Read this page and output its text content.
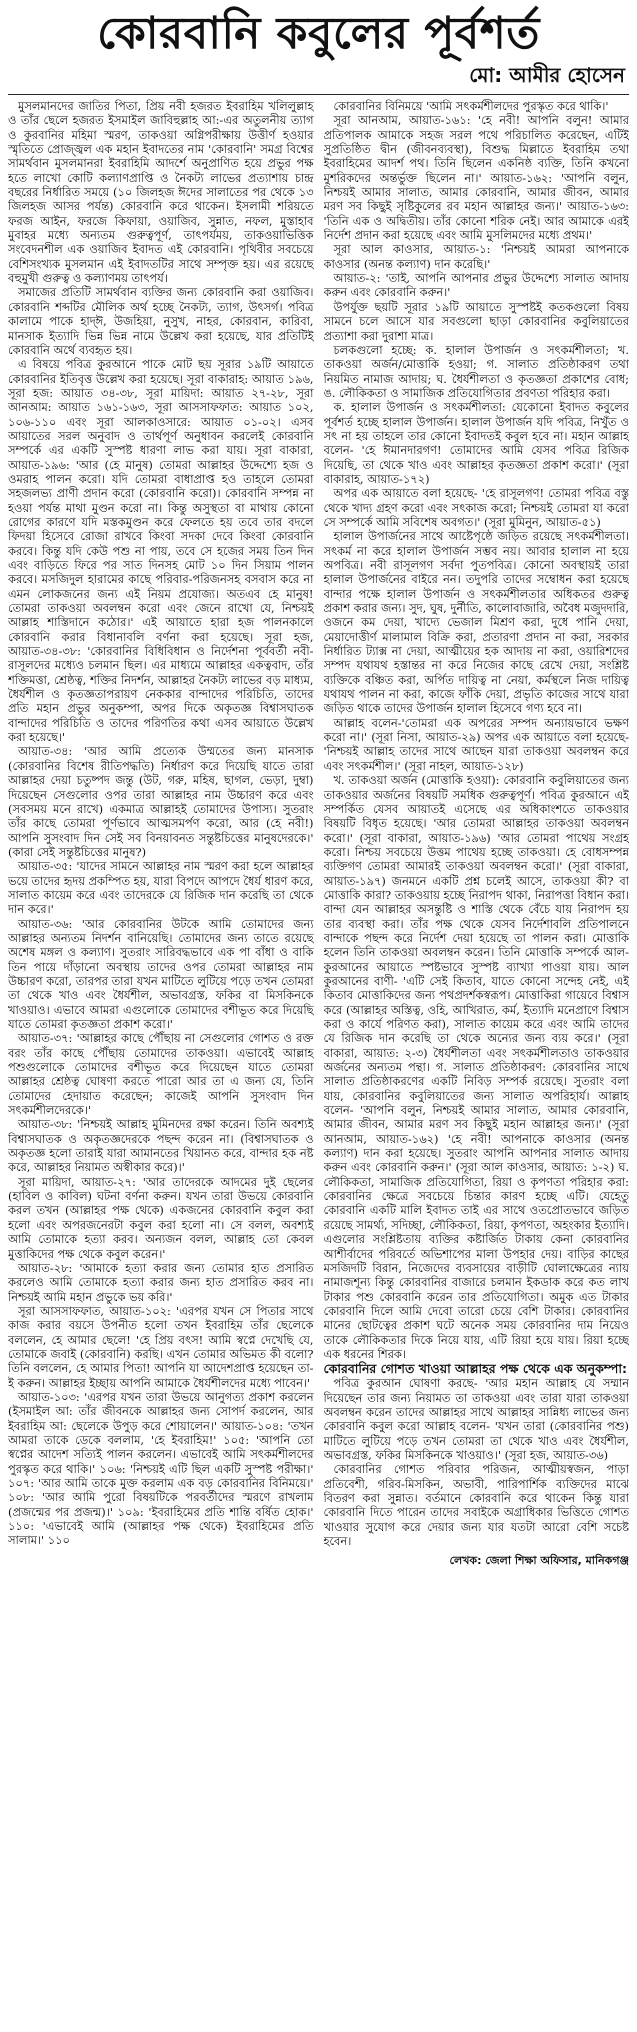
কোরবানি কবুলের পূর্বশর্ত
মো: আমীর হোসেন

মুসলমানদের জাতির পিতা, প্রিয় নবী হজরত ইবরাহিম খলিলুল্লাহ ও তাঁর ছেলে হজরত ইসমাইল জাবিহুল্লাহ আ:-এর অতুলনীয় ত্যাগ ও কুরবানির মহিমা স্মরণ, তাকওয়া অগ্নিপরীক্ষায় উত্তীর্ণ হওয়ার স্মৃতিতে প্রোজ্জ্বল এক মহান ইবাদতের নাম 'কোরবানি' সমগ্র বিশ্বের সামর্থবান মুসলমানরা ইবরাহিমি আদর্শে অনুপ্রাণিত হয়ে প্রভুর পক্ষ হতে লাখো কোটি কল্যাণপ্রাপ্তি ও নৈকট্য লাভের প্রত্যাশায় চান্দ্র বছরের নির্ধারিত সময়ে (১০ জিলহজ ঈদের সালাতের পর থেকে ১৩ জিলহজ আসর পর্যন্ত) কোরবানি করে থাকেন। ইসলামী শরিয়তে ফরজ আইন, ফরজে কিফায়া, ওয়াজিব, সুন্নাত, নফল, মুস্তাহাব মুবাহর মধ্যে অন্যতম গুরুত্বপূর্ণ, তাৎপর্যময়, তাকওয়াভিত্তিক সংবেদনশীল এক ওয়াজিব ইবাদত এই কোরবানি। পৃথিবীর সবচেয়ে বেশিসংখ্যক মুসলমান এই ইবাদতটির সাথে সম্পৃক্ত হয়। এর রয়েছে বহুমুখী গুরুত্ব ও কল্যাণময় তাৎপর্য।

সমাজের প্রতিটি সামর্থবান ব্যক্তির জন্য কোরবানি করা ওয়াজিব। কোরবানি শব্দটির মৌলিক অর্থ হচ্ছে নৈকট্য, ত্যাগ, উৎসর্গ। পবিত্র কালামে পাকে হাদ্ঈ, উজহিয়া, নুসুখ, নাহর, কোরবান, কারিবা, মানসাক ইত্যাদি ভিন্ন ভিন্ন নামে উল্লেখ করা হয়েছে, যার প্রতিটিই কোরবানি অর্থে ব্যবহৃত হয়।

এ বিষয়ে পবিত্র কুরআনে পাকে মোট ছয় সূরার ১৯টি আয়াতে কোরবানির ইতিবৃত্ত উল্লেখ করা হয়েছে। সূরা বাকারাহ: আয়াত ১৯৬, সূরা হজ: আয়াত ৩৪-৩৮, সূরা মায়িদা: আয়াত ২৭-২৮, সূরা আনআম: আয়াত ১৬১-১৬৩, সূরা আসসাফফাত: আয়াত ১০২, ১০৬-১১০ এবং সূরা আলকাওসারে: আয়াত ০১-০২। এসব আয়াতের সরল অনুবাদ ও তার্থপূর্ণ অনুধাবন করলেই কোরবানি সম্পর্কে এর একটি সুস্পষ্ট ধারণা লাভ করা যায়। সূরা বাকারা, আয়াত-১৯৬: 'আর (হে মানুষ) তোমরা আল্লাহর উদ্দেশ্যে হজ ও ওমরাহ পালন করো। যদি তোমরা বাধাপ্রাপ্ত হও তাহলে তোমরা সহজলভ্য প্রাণী প্রদান করো (কোরবানি করো)। কোরবানি সম্পন্ন না হওয়া পর্যন্ত মাথা মুণ্ডন করো না। কিন্তু অসুস্থতা বা মাথায় কোনো রোগের কারণে যদি মস্তকমুণ্ডন করে ফেলতে হয় তবে তার বদলে ফিদয়া হিসেবে রোজা রাখবে কিংবা সদকা দেবে কিংবা কোরবানি করবে। কিন্তু যদি কেউ পশু না পায়, তবে সে হজের সময় তিন দিন এবং বাড়িতে ফিরে পর সাত দিনসহ মোট ১০ দিন সিয়াম পালন করবে। মসজিদুল হারামের কাছে পরিবার-পরিজনসহ বসবাস করে না এমন লোকজনের জন্য এই নিয়ম প্রযোজ্য। অতএব হে মানুষ! তোমরা তাকওয়া অবলম্বন করো এবং জেনে রাখো যে, নিশ্চয়ই আল্লাহ শাস্তিদানে কঠোর।' এই আয়াতে হারা হজ পালনকালে কোরবানি করার বিধানাবলি বর্ণনা করা হয়েছে। সূরা হজ, আয়াত-৩৪-৩৮: 'কোরবানির বিধিবিধান ও নির্দেশনা পূর্ববর্তী নবী-রাসূলদের মধ্যেও চলমান ছিল। এর মাধ্যমে আল্লাহর একত্ববাদ, তাঁর শক্তিমত্তা, শ্রেষ্ঠত্ব, শক্তির নিদর্শন, আল্লাহর নৈকট্য লাভের বড় মাধ্যম, ধৈর্যশীল ও কৃতজ্ঞতাপরায়ণ নেককার বান্দাদের পরিচিতি, তাদের প্রতি মহান প্রভুর অনুকম্পা, অপর দিকে অকৃতজ্ঞ বিশ্বাসঘাতক বান্দাদের পরিচিতি ও তাদের পরিণতির কথা এসব আয়াতে উল্লেখ করা হয়েছে।'

আয়াত-৩৪: 'আর আমি প্রত্যেক উম্মতের জন্য মানসাক (কোরবানির বিশেষ রীতিপদ্ধতি) নির্ধারণ করে দিয়েছি যাতে তারা আল্লাহর দেয়া চতুষ্পদ জন্তু (উট, গরু, মহিষ, ছাগল, ভেড়া, দুম্বা) দিয়েছেন সেগুলোর ওপর তারা আল্লাহর নাম উচ্চারণ করে এবং (সবসময় মনে রাখে) একমাত্র আল্লাহই তোমাদের উপাস্য। সুতরাং তাঁর কাছে তোমরা পূর্ণভাবে আত্মসমর্পণ করো, আর (হে নবী!) আপনি সুসংবাদ দিন সেই সব বিনয়াবনত সন্তুষ্টচিত্তের মানুষদেরকে।' (কারা সেই সন্তুষ্টচিত্তের মানুষ?)

আয়াত-৩৫: 'যাদের সামনে আল্লাহর নাম স্মরণ করা হলে আল্লাহর ভয়ে তাদের হৃদয় প্রকম্পিত হয়, যারা বিপদে আপদে ধৈর্য ধারণ করে, সালাত কায়েম করে এবং তাদেরকে যে রিজিক দান করেছি তা থেকে দান করে।'

আয়াত-৩৬: 'আর কোরবানির উটকে আমি তোমাদের জন্য আল্লাহর অন্যতম নিদর্শন বানিয়েছি। তোমাদের জন্য তাতে রয়েছে অশেষ মঙ্গল ও কল্যাণ। সুতরাং সারিবদ্ধভাবে এক পা বাঁধা ও বাকি তিন পায়ে দাঁড়ানো অবস্থায় তাদের ওপর তোমরা আল্লাহর নাম উচ্চারণ করো, তারপর তারা যখন মাটিতে লুটিয়ে পড়ে তখন তোমরা তা থেকে খাও এবং ধৈর্যশীল, অভাবগ্রস্ত, ফকির বা মিসকিনকে খাওয়াও। এভাবে আমরা এগুলোকে তোমাদের বশীভূত করে দিয়েছি যাতে তোমরা কৃতজ্ঞতা প্রকাশ করো।'

আয়াত-৩৭: 'আল্লাহর কাছে পৌঁছায় না সেগুলোর গোশত ও রক্ত বরং তাঁর কাছে পৌঁছায় তোমাদের তাকওয়া। এভাবেই আল্লাহ পশুগুলোকে তোমাদের বশীভূত করে দিয়েছেন যাতে তোমরা আল্লাহর শ্রেষ্ঠত্ব ঘোষণা করতে পারো আর তা এ জন্য যে, তিনি তোমাদের হেদায়াত করেছেন; কাজেই আপনি সুসংবাদ দিন সৎকর্মশীলদেরকে।'

আয়াত-৩৮: 'নিশ্চয়ই আল্লাহ মুমিনদের রক্ষা করেন। তিনি অবশ্যই বিশ্বাসঘাতক ও অকৃতজ্ঞদেরকে পছন্দ করেন না। (বিশ্বাসঘাতক ও অকৃতজ্ঞ হলো তারাই যারা আমানতের খিয়ানত করে, বান্দার হক নষ্ট করে, আল্লাহর নিয়ামত অস্বীকার করে)।'

সূরা মায়িদা, আয়াত-২৭: 'আর তাদেরকে আদমের দুই ছেলের (হাবিল ও কাবিল) ঘটনা বর্ণনা করুন। যখন তারা উভয়ে কোরবানি করল তখন (আল্লাহর পক্ষ থেকে) একজনের কোরবানি কবুল করা হলো এবং অপরজনেরটা কবুল করা হলো না। সে বলল, অবশ্যই আমি তোমাকে হত্যা করব। অন্যজন বলল, আল্লাহ তো কেবল মুত্তাকিদের পক্ষ থেকে কবুল করেন।'

আয়াত-২৮: 'আমাকে হত্যা করার জন্য তোমার হাত প্রসারিত করলেও আমি তোমাকে হত্যা করার জন্য হাত প্রসারিত করব না। নিশ্চয়ই আমি মহান প্রভুকে ভয় করি।'

সূরা আসসাফফাত, আয়াত-১০২: 'এরপর যখন সে পিতার সাথে কাজ করার বয়সে উপনীত হলো তখন ইবরাহিম তাঁর ছেলেকে বললেন, হে আমার ছেলে! 'হে প্রিয় বৎস! আমি স্বপ্নে দেখেছি যে, তোমাকে জবাই (কোরবানি) করছি। এখন তোমার অভিমত কী বলো? তিনি বললেন, হে আমার পিতা! আপনি যা আদেশপ্রাপ্ত হয়েছেন তা-ই করুন। আল্লাহর ইচ্ছায় আপনি আমাকে ধৈর্যশীলদের মধ্যে পাবেন।'

আয়াত-১০৩: 'এরপর যখন তারা উভয়ে আনুগত্য প্রকাশ করলেন (ইসমাইল আ: তাঁর জীবনকে আল্লাহর জন্য সোপর্দ করলেন, আর ইবরাহিম আ: ছেলেকে উপুড় করে শোয়ালেন।' আয়াত-১০৪: 'তখন আমরা তাকে ডেকে বললাম, 'হে ইবরাহিম!' ১০৫: 'আপনি তো স্বপ্নের আদেশ সত্যিই পালন করলেন। এভাবেই আমি সৎকর্মশীলদের পুরস্কৃত করে থাকি।' ১০৬: 'নিশ্চয়ই এটি ছিল একটি সুস্পষ্ট পরীক্ষা।' ১০৭: 'আর আমি তাকে মুক্ত করলাম এক বড় কোরবানির বিনিময়ে।' ১০৮: 'আর আমি পুরো বিষয়টিকে পরবর্তীদের স্মরণে রাখলাম (প্রজন্মের পর প্রজন্ম)।' ১০৯: 'ইবরাহিমের প্রতি শান্তি বর্ষিত হোক।' ১১০: 'এভাবেই আমি (আল্লাহর পক্ষ থেকে) ইবরাহিমের প্রতি সালাম।' ১১০

কোরবানির বিনিময়ে 'আমি সৎকর্মশীলদের পুরস্কৃত করে থাকি।'

সূরা আনআম, আয়াত-১৬১: 'হে নবী! আপনি বলুন! আমার প্রতিপালক আমাকে সহজ সরল পথে পরিচালিত করেছেন, এটিই সুপ্রতিষ্ঠিত দ্বীন (জীবনব্যবস্থা), বিশুদ্ধ মিল্লাতে ইবরাহিম তথা ইবরাহিমের আদর্শ পথ। তিনি ছিলেন একনিষ্ঠ ব্যক্তি, তিনি কখনো মুশরিকদের অন্তর্ভুক্ত ছিলেন না।' আয়াত-১৬২: 'আপনি বলুন, নিশ্চয়ই আমার সালাত, আমার কোরবানি, আমার জীবন, আমার মরণ সব কিছুই সৃষ্টিকুলের রব মহান আল্লাহর জন্য।' আয়াত-১৬৩: 'তিনি এক ও অদ্বিতীয়। তাঁর কোনো শরিক নেই। আর আমাকে এরই নির্দেশ প্রদান করা হয়েছে এবং আমি মুসলিমদের মধ্যে প্রথম।'

সূরা আল কাওসার, আয়াত-১: 'নিশ্চয়ই আমরা আপনাকে কাওসার (অনন্ত কল্যাণ) দান করেছি।'

আয়াত-২: 'তাই, আপনি আপনার প্রভুর উদ্দেশ্যে সালাত আদায় করুন এবং কোরবানি করুন।'

উপর্যুক্ত ছয়টি সূরার ১৯টি আয়াতে সুস্পষ্টই কতকগুলো বিষয় সামনে চলে আসে যার সবগুলো ছাড়া কোরবানির কবুলিয়াতের প্রত্যাশা করা দুরাশা মাত্র।

চলকগুলো হচ্ছে: ক. হালাল উপার্জন ও সৎকর্মশীলতা; খ. তাকওয়া অর্জন/মোত্তাকি হওয়া; গ. সালাত প্রতিষ্ঠাকরণ তথা নিয়মিত নামাজ আদায়; ঘ. ধৈর্যশীলতা ও কৃতজ্ঞতা প্রকাশের বোধ; ঙ. লৌকিকতা ও সামাজিক প্রতিযোগিতার প্রবণতা পরিহার করা।

ক. হালাল উপার্জন ও সৎকর্মশীলতা: যেকোনো ইবাদত কবুলের পূর্বশর্ত হচ্ছে হালাল উপার্জন। হালাল উপার্জন যদি পবিত্র, নিখুঁত ও সৎ না হয় তাহলে তার কোনো ইবাদতই কবুল হবে না। মহান আল্লাহ বলেন- 'হে ঈমানদারগণ! তোমাদের আমি যেসব পবিত্র রিজিক দিয়েছি, তা থেকে খাও এবং আল্লাহর কৃতজ্ঞতা প্রকাশ করো।' (সূরা বাকারাহ, আয়াত-১৭২)

অপর এক আয়াতে বলা হয়েছে- 'হে রাসূলগণ! তোমরা পবিত্র বস্তু থেকে খাদ্য গ্রহণ করো এবং সৎকাজ করো; নিশ্চয়ই তোমরা যা করো সে সম্পর্কে আমি সবিশেষ অবগত।' (সূরা মুমিনুন, আয়াত-৫১)

হালাল উপার্জনের সাথে আষ্টেপৃষ্ঠে জড়িত রয়েছে সৎকর্মশীলতা। সৎকর্ম না করে হালাল উপার্জন সম্ভব নয়। আবার হালাল না হয়ে অপবিত্র। নবী রাসূলগণ সর্বদা পুতপবিত্র। কোনো অবস্থায়ই তারা হালাল উপার্জনের বাইরে নন। তদুপরি তাদের সম্বোধন করা হয়েছে বান্দার পক্ষে হালাল উপার্জন ও সৎকর্মশীলতার অধিকতর গুরুত্ব প্রকাশ করার জন্য। সুদ, ঘুষ, দুর্নীতি, কালোবাজারি, অবৈধ মজুদদারি, ওজনে কম দেয়া, খাদ্যে ভেজাল মিশ্রণ করা, দুধে পানি দেয়া, মেয়াদোত্তীর্ণ মালামাল বিক্রি করা, প্রতারণা প্রদান না করা, সরকার নির্ধারিত ট্যাক্স না দেয়া, আত্মীয়ের হক আদায় না করা, ওয়ারিশদের সম্পদ যথাযথ হস্তান্তর না করে নিজের কাছে রেখে দেয়া, সংশ্লিষ্ট ব্যক্তিকে বঞ্চিত করা, অর্পিত দায়িত্ব না নেয়া, কর্মস্থলে নিজ দায়িত্ব যথাযথ পালন না করা, কাজে ফাঁকি দেয়া, প্রভৃতি কাজের সাথে যারা জড়িত থাকে তাদের উপার্জন হালাল হিসেবে গণ্য হবে না।

আল্লাহ বলেন-'তোমরা এক অপরের সম্পদ অন্যায়ভাবে ভক্ষণ করো না।' (সূরা নিসা, আয়াত-২৯) অপর এক আয়াতে বলা হয়েছে-'নিশ্চয়ই আল্লাহ তাদের সাথে আছেন যারা তাকওয়া অবলম্বন করে এবং সৎকর্মশীল।' (সূরা নাহল, আয়াত-১২৮)

খ. তাকওয়া অর্জন (মোত্তাকি হওয়া): কোরবানি কবুলিয়াতের জন্য তাকওয়ার অর্জনের বিষয়টি সমধিক গুরুত্বপূর্ণ। পবিত্র কুরআনে এই সম্পর্কিত যেসব আয়াতই এসেছে এর অধিকাংশতে তাকওয়ার বিষয়টি বিধৃত হয়েছে। 'আর তোমরা আল্লাহর তাকওয়া অবলম্বন করো।' (সূরা বাকারা, আয়াত-১৯৬) 'আর তোমরা পাথেয় সংগ্রহ করো। নিশ্চয় সবচেয়ে উত্তম পাথেয় হচ্ছে তাকওয়া। হে বোধসম্পন্ন ব্যক্তিগণ তোমরা আমারই তাকওয়া অবলম্বন করো।' (সূরা বাকারা, আয়াত-১৯৭) জনমনে একটি প্রশ্ন চলেই আসে, তাকওয়া কী? বা মোত্তাকি কারা? তাকওয়ায় হচ্ছে নিরাপদ থাকা, নিরাপত্তা বিধান করা। বান্দা যেন আল্লাহর অসন্তুষ্টি ও শাস্তি থেকে বেঁচে যায় নিরাপদ হয় তার ব্যবস্থা করা। তাঁর পক্ষ থেকে যেসব নির্দেশাবলি প্রতিপালনে বান্দাকে পছন্দ করে নির্দেশ দেয়া হয়েছে তা পালন করা। মোত্তাকি হলেন তিনি তাকওয়া অবলম্বন করেন। তিনি মোত্তাকি সম্পর্কে আল-কুরআনের আয়াতে স্পষ্টভাবে সুস্পষ্ট ব্যাখ্যা পাওয়া যায়। আল কুরআনের বাণী- 'এটি সেই কিতাব, যাতে কোনো সন্দেহ নেই, এই কিতাব মোত্তাকিদের জন্য পথপ্রদর্শকস্বরূপ। মোত্তাকিরা গায়েবে বিশ্বাস করে (আল্লাহর অস্তিত্ব, ওহি, আখিরাত, কর্ম, ইত্যাদি মনেপ্রাণে বিশ্বাস করা ও কার্যে পরিণত করা), সালাত কায়েম করে এবং আমি তাদের যে রিজিক দান করেছি তা থেকে অন্যের জন্য ব্যয় করে।' (সূরা বাকারা, আয়াত: ২-৩) ধৈর্যশীলতা এবং সৎকর্মশীলতাও তাকওয়ার অর্জনের অন্যতম পন্থা। গ. সালাত প্রতিষ্ঠাকরণ: কোরবানির সাথে সালাত প্রতিষ্ঠাকরণের একটি নিবিড় সম্পর্ক রয়েছে। সুতরাং বলা যায়, কোরবানির কবুলিয়াতের জন্য সালাত অপরিহার্য। আল্লাহ বলেন- 'আপনি বলুন, নিশ্চয়ই আমার সালাত, আমার কোরবানি, আমার জীবন, আমার মরণ সব কিছুই মহান আল্লাহর জন্য।' (সূরা আনআম, আয়াত-১৬২) 'হে নবী! আপনাকে কাওসার (অনন্ত কল্যাণ) দান করা হয়েছে। সুতরাং আপনি আপনার সালাত আদায় করুন এবং কোরবানি করুন।' (সূরা আল কাওসার, আয়াত: ১-২) ঘ. লৌকিকতা, সামাজিক প্রতিযোগিতা, রিয়া ও কৃপণতা পরিহার করা: কোরবানির ক্ষেত্রে সবচেয়ে চিন্তার কারণ হচ্ছে এটি। যেহেতু কোরবানি একটি মালি ইবাদত তাই এর সাথে ওতপ্রোতভাবে জড়িত রয়েছে সামর্থ্য, সদিচ্ছা, লৌকিকতা, রিয়া, কৃপণতা, অহংকার ইত্যাদি। এগুলোর সংশ্লিষ্টতায় ব্যক্তির কষ্টার্জিত টাকায় কেনা কোরবানির আশীর্বাদের পরিবর্তে অভিশাপের মালা উপহার দেয়। বাড়ির কাছের মসজিদটি বিরান, নিজেদের ব্যবসায়ের বাড়ীটি ঘোলাক্ষেত্রের ন্যায় নামাজশূন্য কিন্তু কোরবানির বাজারে চলমান ইকডাক করে কত লাখ টাকার পশু কোরবানি করেন তার প্রতিযোগিতা। অমুক এত টাকার কোরবানি দিলে আমি দেবো তারো চেয়ে বেশি টাকার। কোরবানির মানের ছোটত্বের প্রকাশ ঘটে অনেক সময় কোরবানির দাম নিয়েও তাকে লৌকিকতার দিকে নিয়ে যায়, এটি রিয়া হয়ে যায়। রিয়া হচ্ছে এক ধরনের শিরক।

কোরবানির গোশত খাওয়া আল্লাহর পক্ষ থেকে এক অনুকম্পা:

পবিত্র কুরআন ঘোষণা করছে- 'আর মহান আল্লাহ যে সম্মান দিয়েছেন তার জন্য নিয়ামত তা তাকওয়া এবং তারা যারা তাকওয়া অবলম্বন করেন তাদের আল্লাহর সাথে আল্লাহর সান্নিধ্য লাভের জন্য কোরবানি কবুল করো আল্লাহ বলেন- 'যখন তারা (কোরবানির পশু) মাটিতে লুটিয়ে পড়ে তখন তোমরা তা থেকে খাও এবং ধৈর্যশীল, অভাবগ্রস্ত, ফকির মিসকিনকে খাওয়াও।' (সূরা হজ, আয়াত-৩৬)

কোরবানির গোশত পরিবার পরিজন, আত্মীয়স্বজন, পাড়া প্রতিবেশী, গরিব-মিসকিন, অভাবী, পারিপার্শিক ব্যক্তিদের মাঝে বিতরণ করা সুন্নাত। বর্তমানে কোরবানি করে থাকেন কিন্তু যারা কোরবানি দিতে পারেন তাদের সবাইকে অগ্রাধিকার ভিত্তিতে গোশত খাওয়ার সুযোগ করে দেয়ার জন্য যার যতটা আরো বেশি সচেষ্ট হবেন।

লেখক: জেলা শিক্ষা অফিসার, মানিকগঞ্জ
